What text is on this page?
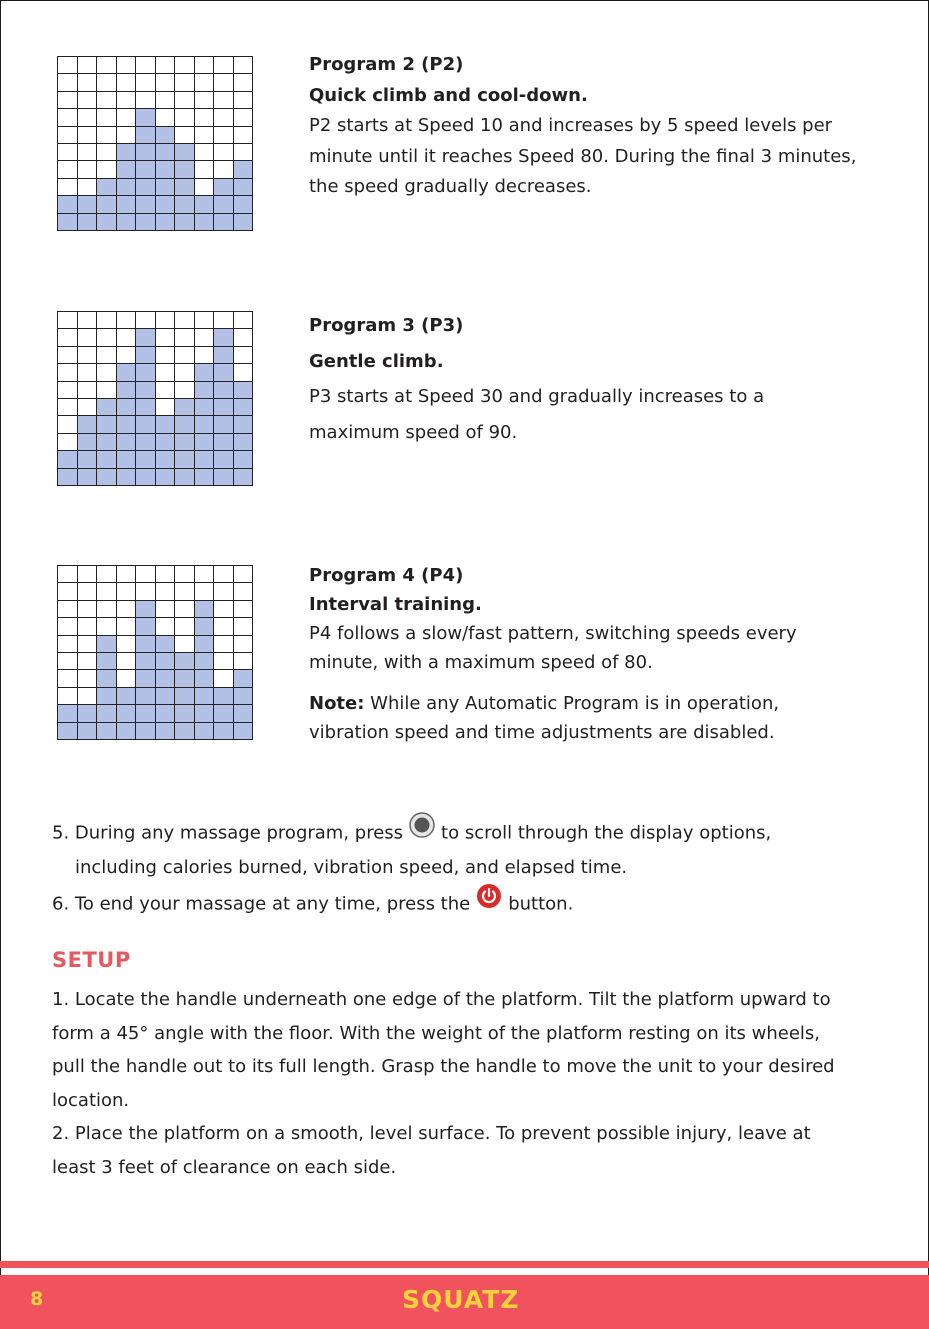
Program 2 (P2)
Quick climb and cool-down.

P2 starts at Speed 10 and increases by 5 speed levels per

minute until it reaches Speed 80. During the final 3 minutes,

the speed gradually decreases.

Program 3 (P3)
Gentle climb.

P3 starts at Speed 30 and gradually increases to a

maximum speed of 90.

Program 4 (P4)
Interval training.

P4 follows a slow/fast pattern, switching speeds every

minute, with a maximum speed of 80.

Note: While any Automatic Program is in operation,

vibration speed and time adjustments are disabled.

5. During any massage program, press to scroll through the display options,
including calories burned, vibration speed, and elapsed time.
6. To end your massage at any time, press the button.
SETUP
1. Locate the handle underneath one edge of the platform. Tilt the platform upward to
form a 45° angle with the floor. With the weight of the platform resting on its wheels,
pull the handle out to its full length. Grasp the handle to move the unit to your desired
location.
2. Place the platform on a smooth, level surface. To prevent possible injury, leave at
least 3 feet of clearance on each side.
8	SQUATZ
